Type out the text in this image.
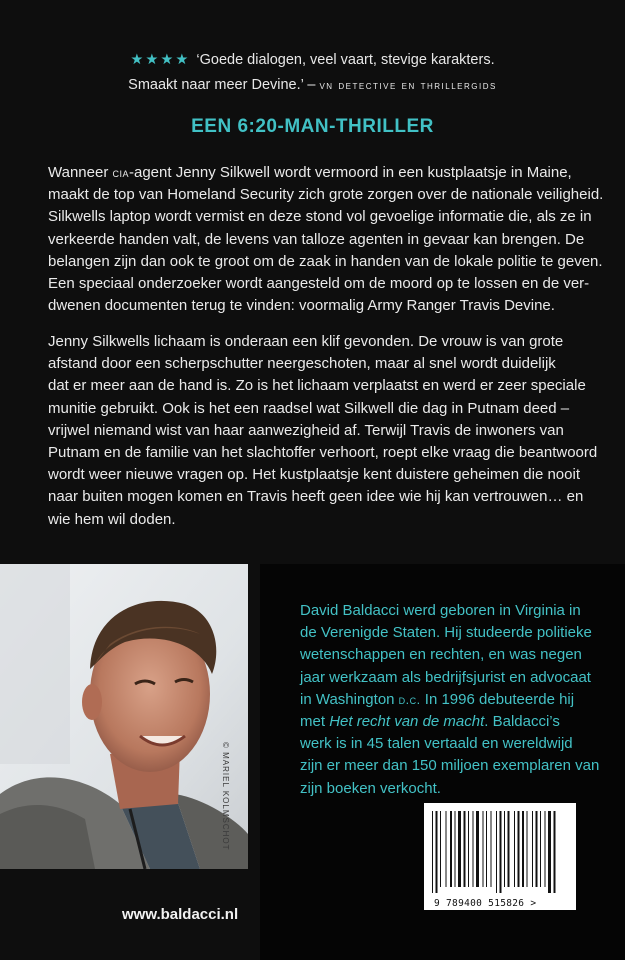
★★★★ ‘Goede dialogen, veel vaart, stevige karakters.
Smaakt naar meer Devine.’ – vn detective en thrillergids
EEN 6:20-MAN-THRILLER
Wanneer cia-agent Jenny Silkwell wordt vermoord in een kustplaatsje in Maine,
maakt de top van Homeland Security zich grote zorgen over de nationale veiligheid.
Silkwells laptop wordt vermist en deze stond vol gevoelige informatie die, als ze in
verkeerde handen valt, de levens van talloze agenten in gevaar kan brengen. De
belangen zijn dan ook te groot om de zaak in handen van de lokale politie te geven.
Een speciaal onderzoeker wordt aangesteld om de moord op te lossen en de ver-
dwenen documenten terug te vinden: voormalig Army Ranger Travis Devine.
Jenny Silkwells lichaam is onderaan een klif gevonden. De vrouw is van grote
afstand door een scherpschutter neergeschoten, maar al snel wordt duidelijk
dat er meer aan de hand is. Zo is het lichaam verplaatst en werd er zeer speciale
munitie gebruikt. Ook is het een raadsel wat Silkwell die dag in Putnam deed –
vrijwel niemand wist van haar aanwezigheid af. Terwijl Travis de inwoners van
Putnam en de familie van het slachtoffer verhoort, roept elke vraag die beantwoord
wordt weer nieuwe vragen op. Het kustplaatsje kent duistere geheimen die nooit
naar buiten mogen komen en Travis heeft geen idee wie hij kan vertrouwen… en
wie hem wil doden.
© MARIEL KOLMSCHOT
www.baldacci.nl
David Baldacci werd geboren in Virginia in
de Verenigde Staten. Hij studeerde politieke
wetenschappen en rechten, en was negen
jaar werkzaam als bedrijfsjurist en advocaat
in Washington d.c. In 1996 debuteerde hij
met Het recht van de macht. Baldacci’s
werk is in 45 talen vertaald en wereldwijd
zijn er meer dan 150 miljoen exemplaren van
zijn boeken verkocht.
9 789400 515826 >
